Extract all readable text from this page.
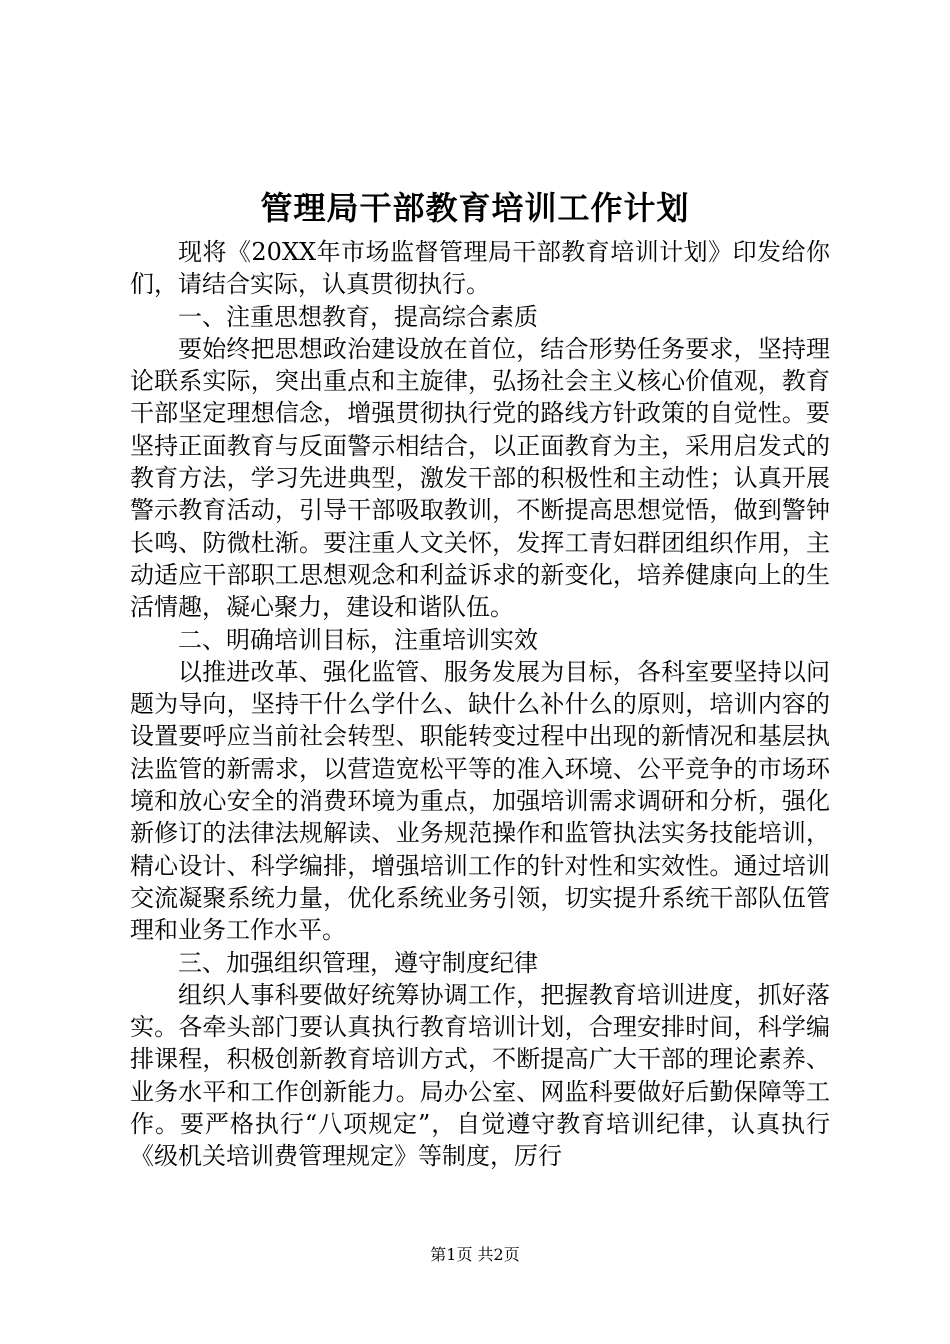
管理局干部教育培训工作计划

现将《20XX年市场监督管理局干部教育培训计划》印发给你们，请结合实际，认真贯彻执行。

一、注重思想教育，提高综合素质

要始终把思想政治建设放在首位，结合形势任务要求，坚持理论联系实际，突出重点和主旋律，弘扬社会主义核心价值观，教育干部坚定理想信念，增强贯彻执行党的路线方针政策的自觉性。要坚持正面教育与反面警示相结合，以正面教育为主，采用启发式的教育方法，学习先进典型，激发干部的积极性和主动性；认真开展警示教育活动，引导干部吸取教训，不断提高思想觉悟，做到警钟长鸣、防微杜渐。要注重人文关怀，发挥工青妇群团组织作用，主动适应干部职工思想观念和利益诉求的新变化，培养健康向上的生活情趣，凝心聚力，建设和谐队伍。

二、明确培训目标，注重培训实效

以推进改革、强化监管、服务发展为目标，各科室要坚持以问题为导向，坚持干什么学什么、缺什么补什么的原则，培训内容的设置要呼应当前社会转型、职能转变过程中出现的新情况和基层执法监管的新需求，以营造宽松平等的准入环境、公平竞争的市场环境和放心安全的消费环境为重点，加强培训需求调研和分析，强化新修订的法律法规解读、业务规范操作和监管执法实务技能培训，精心设计、科学编排，增强培训工作的针对性和实效性。通过培训交流凝聚系统力量，优化系统业务引领，切实提升系统干部队伍管理和业务工作水平。

三、加强组织管理，遵守制度纪律

组织人事科要做好统筹协调工作，把握教育培训进度，抓好落实。各牵头部门要认真执行教育培训计划，合理安排时间，科学编排课程，积极创新教育培训方式，不断提高广大干部的理论素养、业务水平和工作创新能力。局办公室、网监科要做好后勤保障等工作。要严格执行“八项规定”，自觉遵守教育培训纪律，认真执行《级机关培训费管理规定》等制度，厉行

第1页 共2页
